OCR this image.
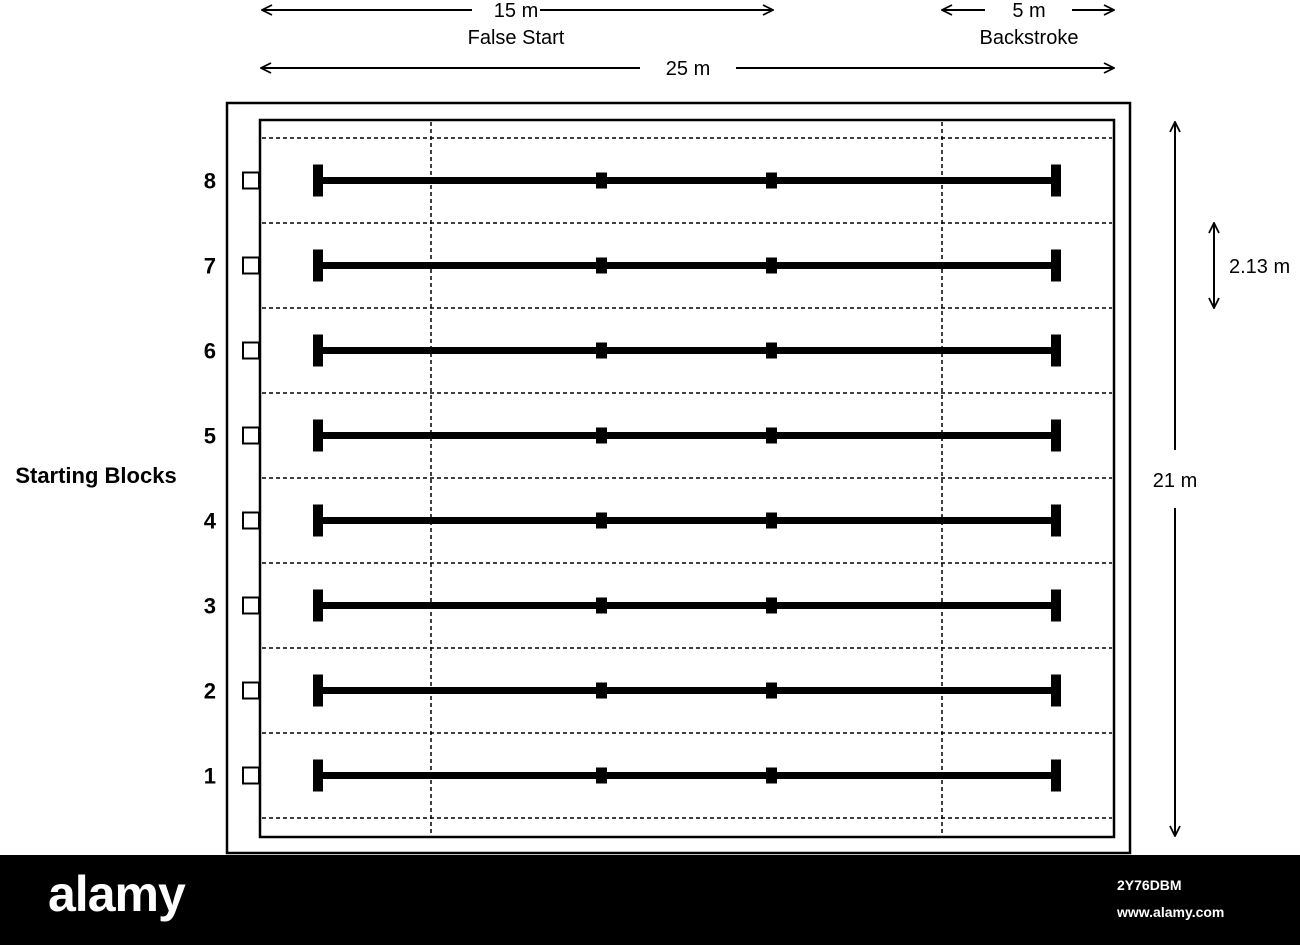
15 m
False Start
5 m
Backstroke
25 m
21 m
2.13 m
Starting Blocks
8
7
6
5
4
3
2
1
alamy	2Y76DBM
www.alamy.com
